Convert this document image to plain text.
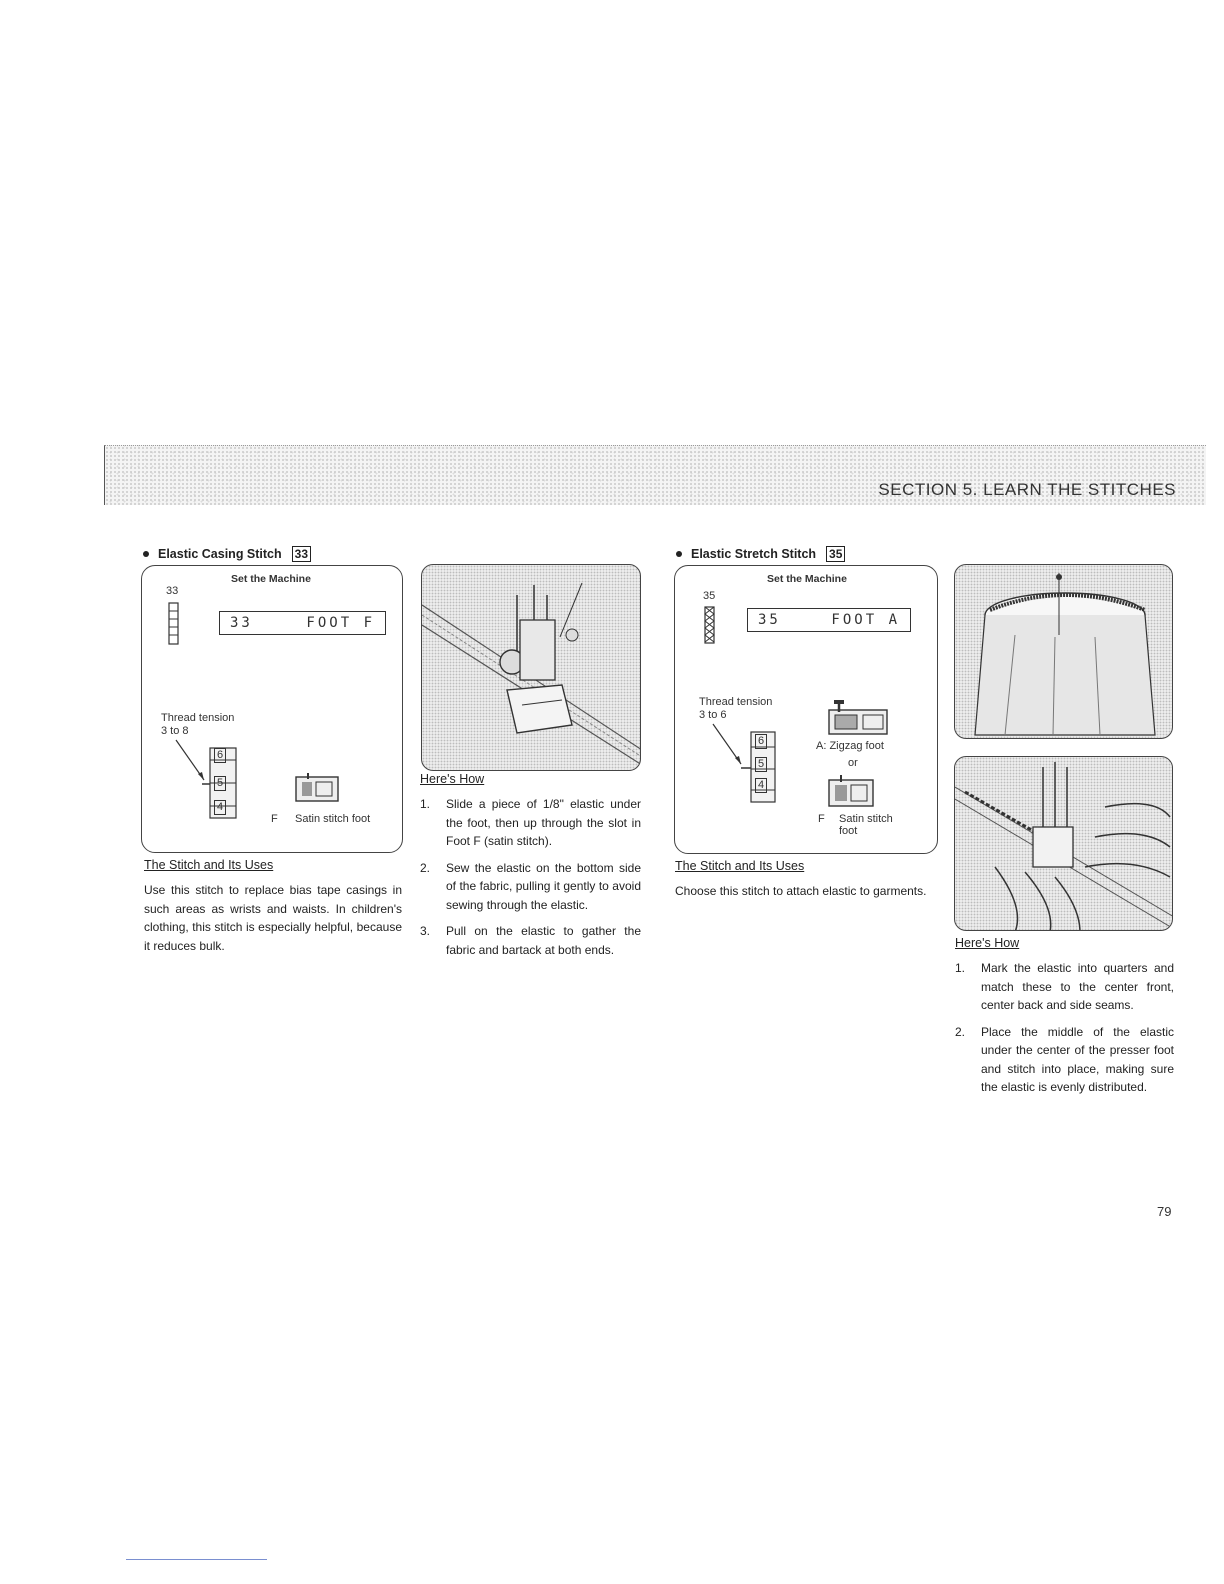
SECTION 5. LEARN THE STITCHES
Elastic Casing Stitch 33
Set the Machine
33
33	FOOT F
Thread tension
3 to 8
6
5
4
F Satin stitch foot
The Stitch and Its Uses
Use this stitch to replace bias tape casings in such areas as wrists and waists. In children's clothing, this stitch is especially helpful, because it reduces bulk.
Here's How
1.	Slide a piece of 1/8" elastic under the foot, then up through the slot in Foot F (satin stitch).
2.	Sew the elastic on the bottom side of the fabric, pulling it gently to avoid sewing through the elastic.
3.	Pull on the elastic to gather the fabric and bartack at both ends.
Elastic Stretch Stitch 35
Set the Machine
35
35	FOOT A
Thread tension
3 to 6
6
5
4
A: Zigzag foot
or
F Satin stitch
foot
The Stitch and Its Uses
Choose this stitch to attach elastic to garments.
Here's How
1.	Mark the elastic into quarters and match these to the center front, center back and side seams.
2.	Place the middle of the elastic under the center of the presser foot and stitch into place, making sure the elastic is evenly distributed.
79
